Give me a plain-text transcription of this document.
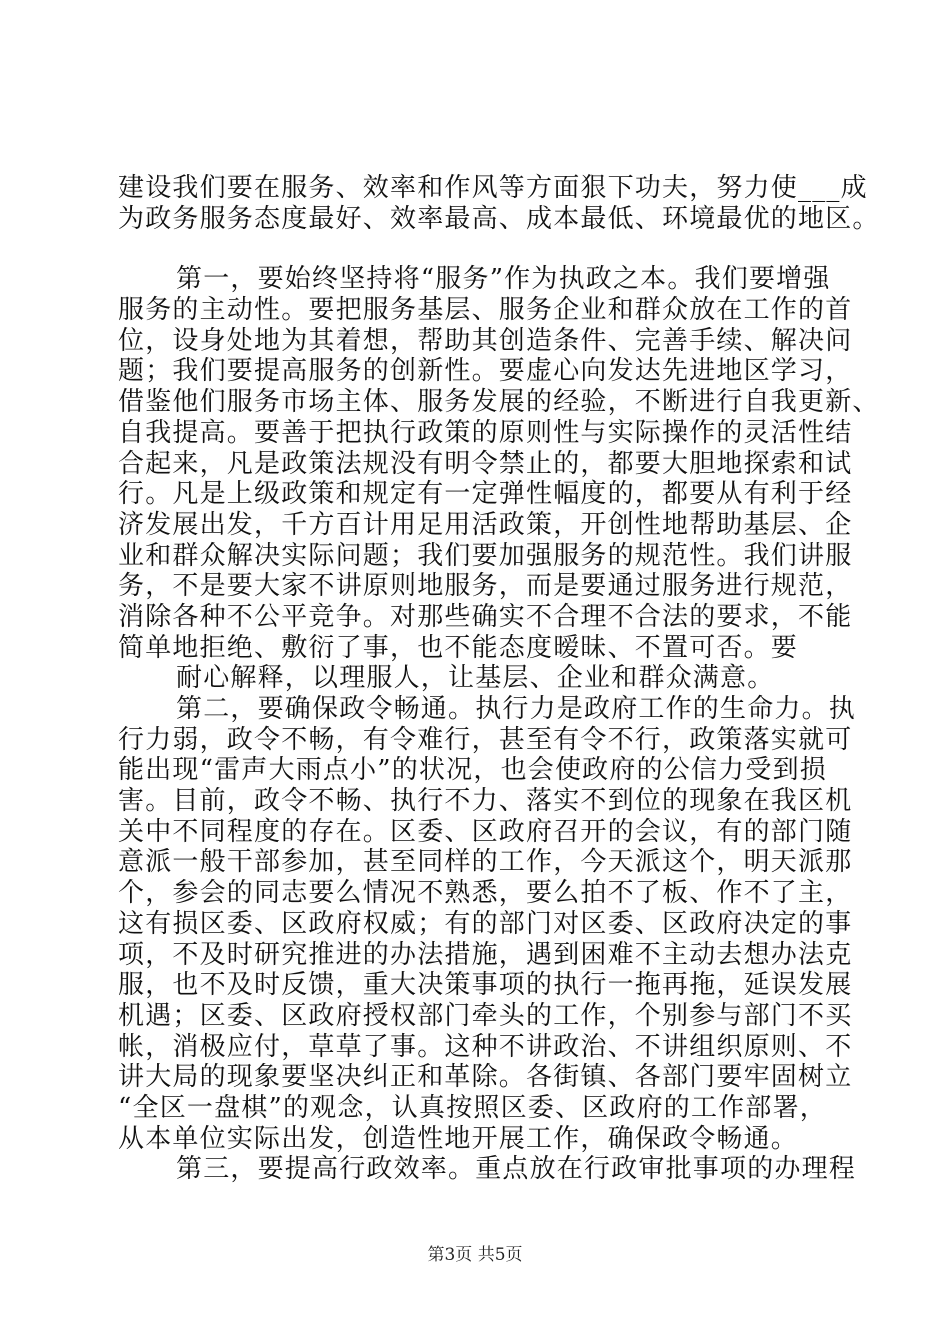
建设我们要在服务、效率和作风等方面狠下功夫，努力使___成
为政务服务态度最好、效率最高、成本最低、环境最优的地区。
第一，要始终坚持将“服务”作为执政之本。我们要增强
服务的主动性。要把服务基层、服务企业和群众放在工作的首
位，设身处地为其着想，帮助其创造条件、完善手续、解决问
题；我们要提高服务的创新性。要虚心向发达先进地区学习，
借鉴他们服务市场主体、服务发展的经验，不断进行自我更新、
自我提高。要善于把执行政策的原则性与实际操作的灵活性结
合起来，凡是政策法规没有明令禁止的，都要大胆地探索和试
行。凡是上级政策和规定有一定弹性幅度的，都要从有利于经
济发展出发，千方百计用足用活政策，开创性地帮助基层、企
业和群众解决实际问题；我们要加强服务的规范性。我们讲服
务，不是要大家不讲原则地服务，而是要通过服务进行规范，
消除各种不公平竞争。对那些确实不合理不合法的要求，不能
简单地拒绝、敷衍了事，也不能态度暧昧、不置可否。要
耐心解释，以理服人，让基层、企业和群众满意。
第二，要确保政令畅通。执行力是政府工作的生命力。执
行力弱，政令不畅，有令难行，甚至有令不行，政策落实就可
能出现“雷声大雨点小”的状况，也会使政府的公信力受到损
害。目前，政令不畅、执行不力、落实不到位的现象在我区机
关中不同程度的存在。区委、区政府召开的会议，有的部门随
意派一般干部参加，甚至同样的工作，今天派这个，明天派那
个，参会的同志要么情况不熟悉，要么拍不了板、作不了主，
这有损区委、区政府权威；有的部门对区委、区政府决定的事
项，不及时研究推进的办法措施，遇到困难不主动去想办法克
服，也不及时反馈，重大决策事项的执行一拖再拖，延误发展
机遇；区委、区政府授权部门牵头的工作，个别参与部门不买
帐，消极应付，草草了事。这种不讲政治、不讲组织原则、不
讲大局的现象要坚决纠正和革除。各街镇、各部门要牢固树立
“全区一盘棋”的观念，认真按照区委、区政府的工作部署，
从本单位实际出发，创造性地开展工作，确保政令畅通。
第三，要提高行政效率。重点放在行政审批事项的办理程
第3页 共5页
